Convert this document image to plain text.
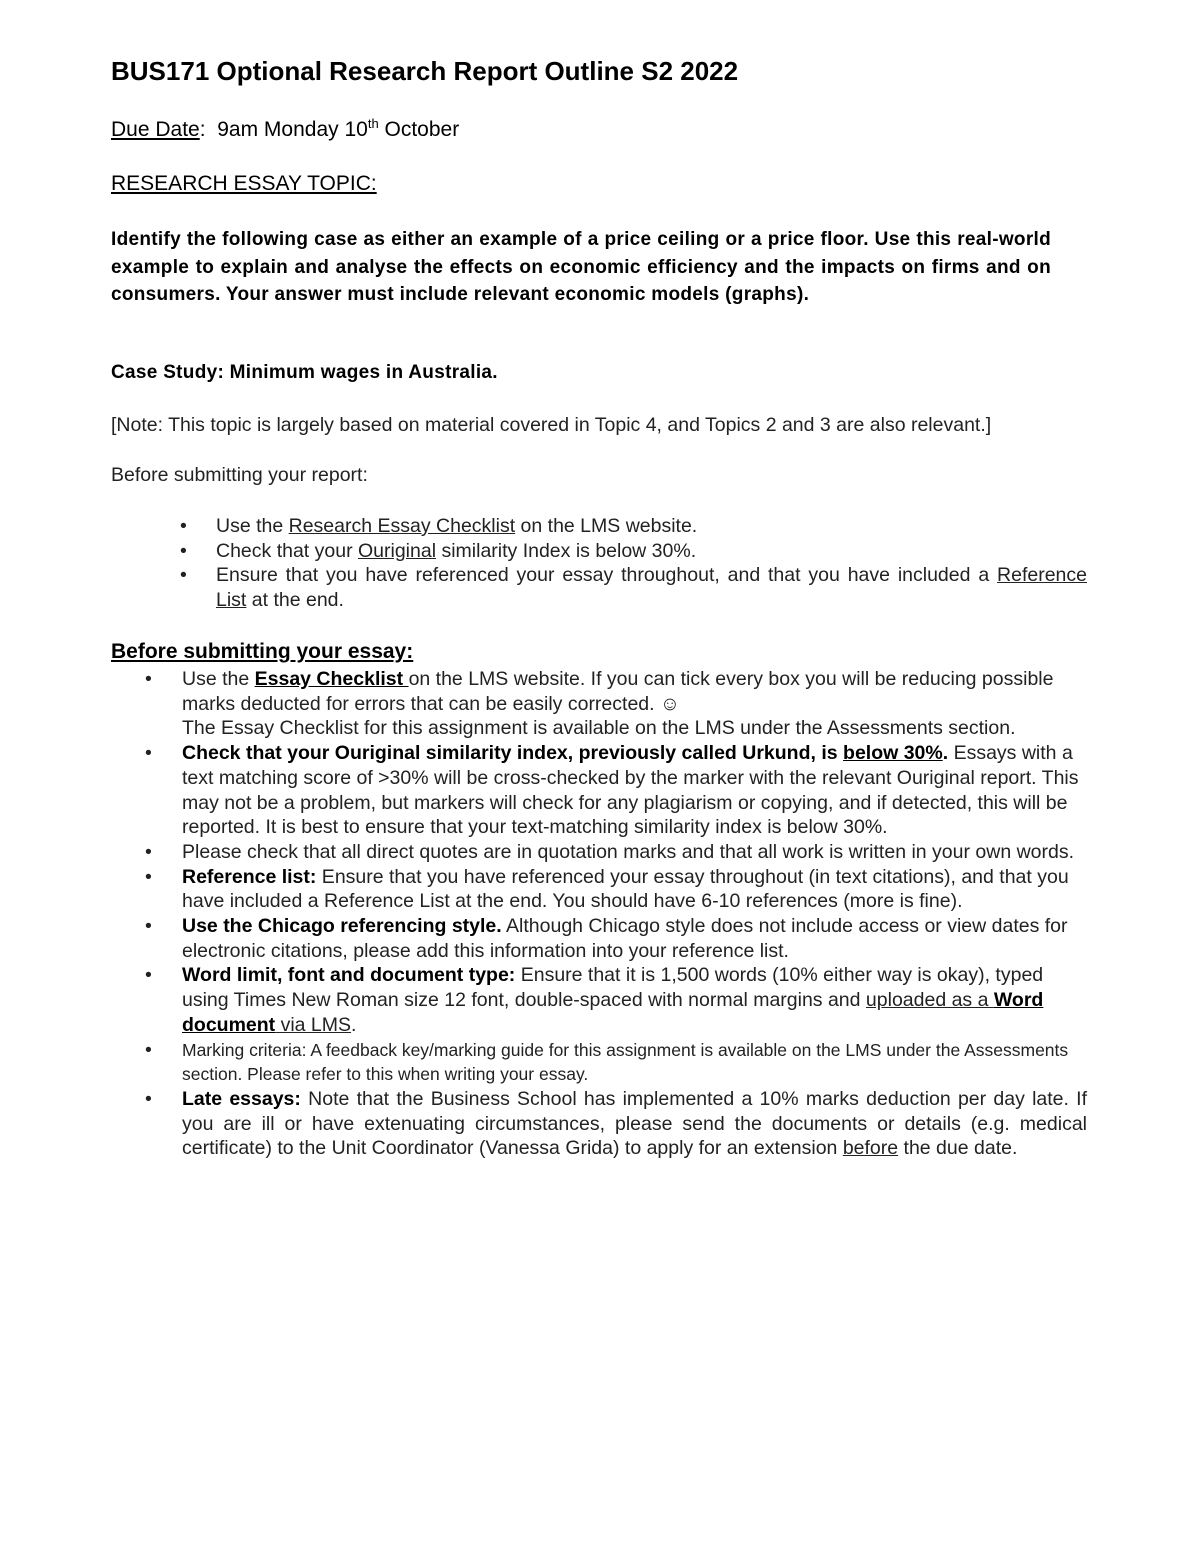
BUS171 Optional Research Report Outline S2 2022
Due Date: 9am Monday 10th October
RESEARCH ESSAY TOPIC:
Identify the following case as either an example of a price ceiling or a price floor. Use this real-world example to explain and analyse the effects on economic efficiency and the impacts on firms and on consumers. Your answer must include relevant economic models (graphs).
Case Study: Minimum wages in Australia.
[Note: This topic is largely based on material covered in Topic 4, and Topics 2 and 3 are also relevant.]
Before submitting your report:
• Use the Research Essay Checklist on the LMS website.
• Check that your Ouriginal similarity Index is below 30%.
• Ensure that you have referenced your essay throughout, and that you have included a Reference List at the end.
Before submitting your essay:
• Use the Essay Checklist on the LMS website. If you can tick every box you will be reducing possible marks deducted for errors that can be easily corrected. ☺
The Essay Checklist for this assignment is available on the LMS under the Assessments section.
• Check that your Ouriginal similarity index, previously called Urkund, is below 30%. Essays with a text matching score of >30% will be cross-checked by the marker with the relevant Ouriginal report. This may not be a problem, but markers will check for any plagiarism or copying, and if detected, this will be reported. It is best to ensure that your text-matching similarity index is below 30%.
• Please check that all direct quotes are in quotation marks and that all work is written in your own words.
• Reference list: Ensure that you have referenced your essay throughout (in text citations), and that you have included a Reference List at the end. You should have 6-10 references (more is fine).
• Use the Chicago referencing style. Although Chicago style does not include access or view dates for electronic citations, please add this information into your reference list.
• Word limit, font and document type: Ensure that it is 1,500 words (10% either way is okay), typed using Times New Roman size 12 font, double-spaced with normal margins and uploaded as a Word document via LMS.
• Marking criteria: A feedback key/marking guide for this assignment is available on the LMS under the Assessments section. Please refer to this when writing your essay.
• Late essays: Note that the Business School has implemented a 10% marks deduction per day late. If you are ill or have extenuating circumstances, please send the documents or details (e.g. medical certificate) to the Unit Coordinator (Vanessa Grida) to apply for an extension before the due date.
